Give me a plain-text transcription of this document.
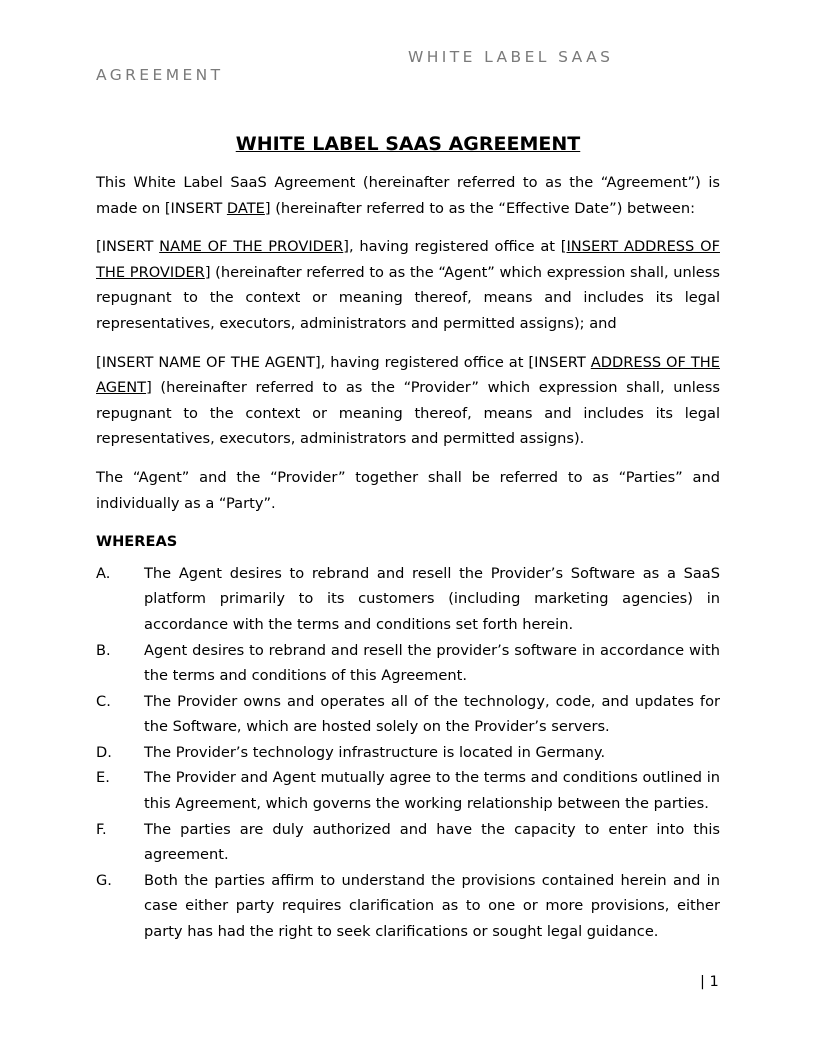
WHITE LABEL SAAS
AGREEMENT
WHITE LABEL SAAS AGREEMENT

This White Label SaaS Agreement (hereinafter referred to as the “Agreement”) is made on [INSERT DATE] (hereinafter referred to as the “Effective Date”) between:

[INSERT NAME OF THE PROVIDER], having registered office at [INSERT ADDRESS OF THE PROVIDER] (hereinafter referred to as the “Agent” which expression shall, unless repugnant to the context or meaning thereof, means and includes its legal representatives, executors, administrators and permitted assigns); and

[INSERT NAME OF THE AGENT], having registered office at [INSERT ADDRESS OF THE AGENT] (hereinafter referred to as the “Provider” which expression shall, unless repugnant to the context or meaning thereof, means and includes its legal representatives, executors, administrators and permitted assigns).

The “Agent” and the “Provider” together shall be referred to as “Parties” and individually as a “Party”.

WHEREAS

A.	The Agent desires to rebrand and resell the Provider’s Software as a SaaS platform primarily to its customers (including marketing agencies) in accordance with the terms and conditions set forth herein.
B.	Agent desires to rebrand and resell the provider’s software in accordance with the terms and conditions of this Agreement.
C.	The Provider owns and operates all of the technology, code, and updates for the Software, which are hosted solely on the Provider’s servers.
D.	The Provider’s technology infrastructure is located in Germany.
E.	The Provider and Agent mutually agree to the terms and conditions outlined in this Agreement, which governs the working relationship between the parties.
F.	The parties are duly authorized and have the capacity to enter into this agreement.
G.	Both the parties affirm to understand the provisions contained herein and in case either party requires clarification as to one or more provisions, either party has had the right to seek clarifications or sought legal guidance.
| 1
